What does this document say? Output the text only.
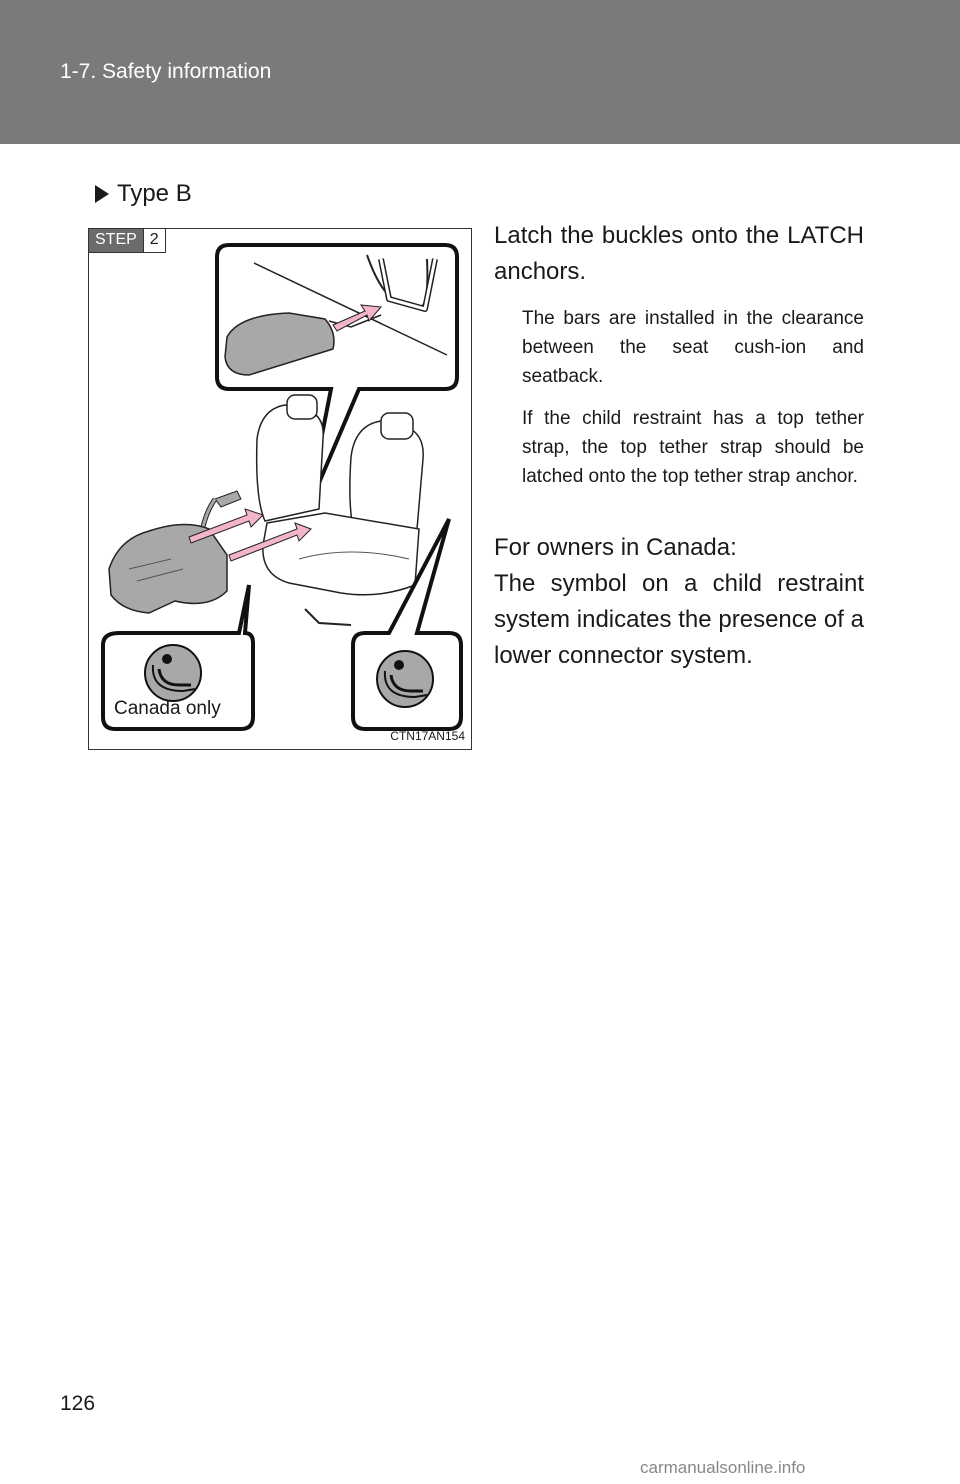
1-7. Safety information
Type B
STEP 2
Canada only
CTN17AN154

Latch the buckles onto the LATCH anchors.

The bars are installed in the clearance between the seat cush-ion and seatback.

If the child restraint has a top tether strap, the top tether strap should be latched onto the top tether strap anchor.

For owners in Canada:

The symbol on a child restraint system indicates the presence of a lower connector system.

126
carmanualsonline.info
